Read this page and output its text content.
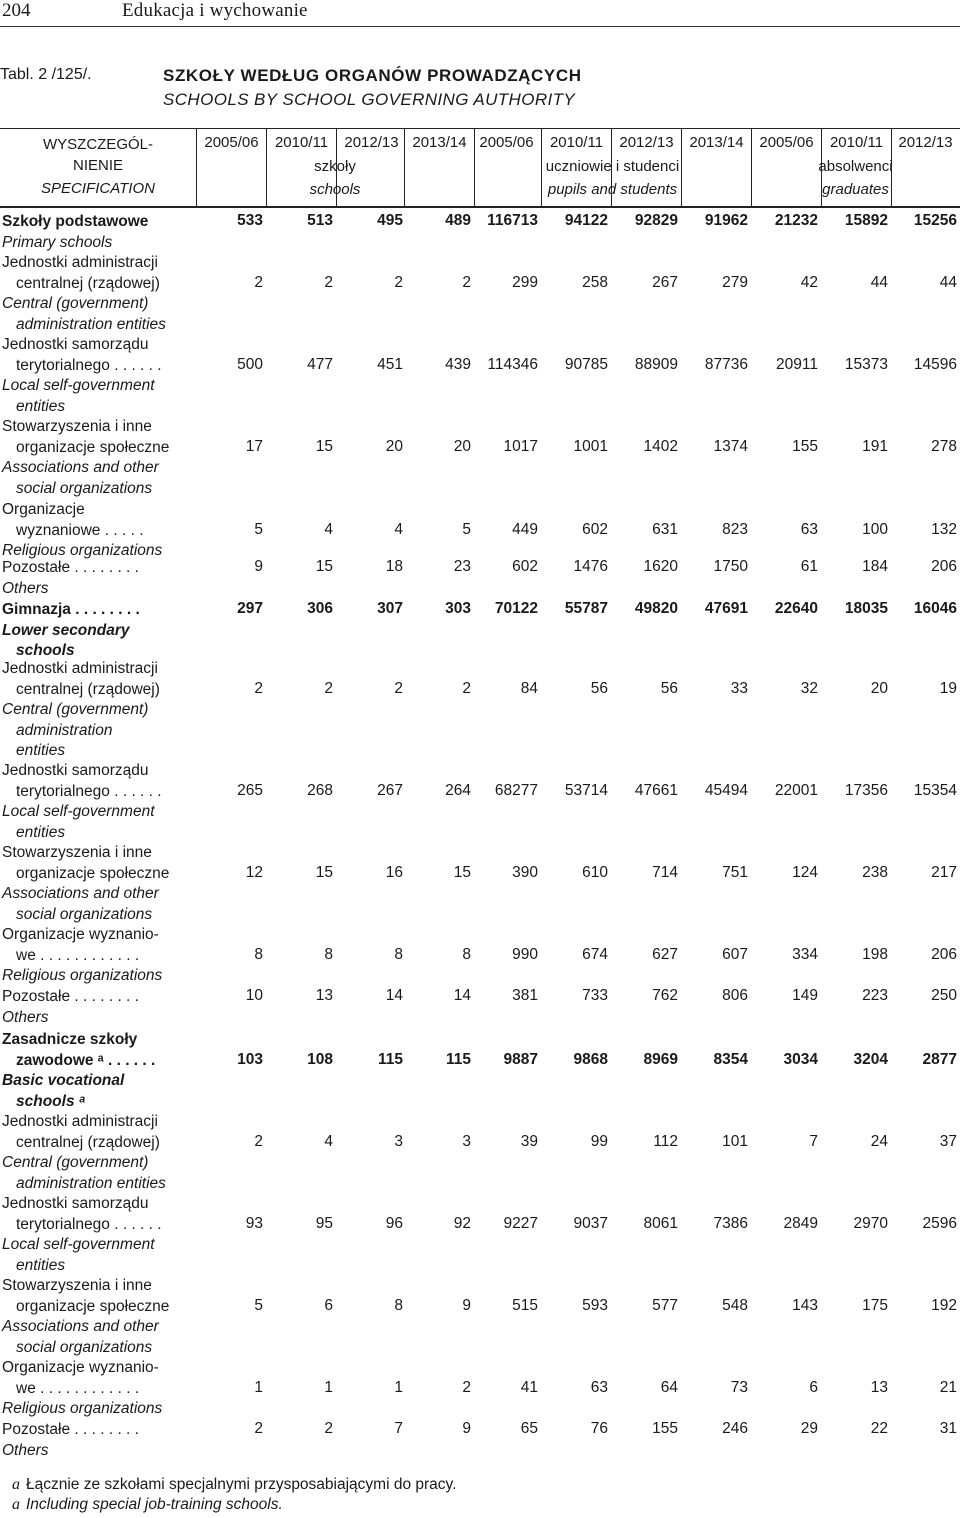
204	Edukacja i wychowanie
Tabl. 2 /125/.	SZKOŁY WEDŁUG ORGANÓW PROWADZĄCYCH
SCHOOLS BY SCHOOL GOVERNING AUTHORITY
WYSZCZEGÓL-
NIENIE
SPECIFICATION
2005/06	2010/11	2012/13 2013/14 2005/06	2010/11	2012/13	2013/14	2005/06	2010/11	2012/13
szkoły
schools
uczniowie i studenci
pupils and students
absolwenci
graduates
Szkoły podstawowe
Primary schools
533	513	495	489	116713	94122	92829	91962	21232	15892	15256
Jednostki administracji
centralnej (rządowej)
Central (government)
administration entities
2	2	2	2	299	258	267	279	42	44	44
Jednostki samorządu
terytorialnego . . . . . .
Local self-government
entities
500	477	451	439	114346	90785	88909	87736	20911	15373	14596
Stowarzyszenia i inne
organizacje społeczne
Associations and other
social organizations
17	15	20	20	1017	1001	1402	1374	155	191	278
Organizacje
wyznaniowe . . . . .
Religious organizations
5	4	4	5	449	602	631	823	63	100	132
Pozostałe . . . . . . . .
Others
9	15	18	23	602	1476	1620	1750	61	184	206
Gimnazja . . . . . . . .
Lower secondary
schools
297	306	307	303	70122	55787	49820	47691	22640	18035	16046
Jednostki administracji
centralnej (rządowej)
Central (government)
administration
entities
2	2	2	2	84	56	56	33	32	20	19
Jednostki samorządu
terytorialnego . . . . . .
Local self-government
entities
265	268	267	264	68277	53714	47661	45494	22001	17356	15354
Stowarzyszenia i inne
organizacje społeczne
Associations and other
social organizations
12	15	16	15	390	610	714	751	124	238	217
Organizacje wyznanio-
we . . . . . . . . . . . .
Religious organizations
8	8	8	8	990	674	627	607	334	198	206
Pozostałe . . . . . . . .
Others
10	13	14	14	381	733	762	806	149	223	250
Zasadnicze szkoły
zawodowe ᵃ . . . . . .
Basic vocational
schools ᵃ
103	108	115	115	9887	9868	8969	8354	3034	3204	2877
Jednostki administracji
centralnej (rządowej)
Central (government)
administration entities
2	4	3	3	39	99	112	101	7	24	37
Jednostki samorządu
terytorialnego . . . . . .
Local self-government
entities
93	95	96	92	9227	9037	8061	7386	2849	2970	2596
Stowarzyszenia i inne
organizacje społeczne
Associations and other
social organizations
5	6	8	9	515	593	577	548	143	175	192
Organizacje wyznanio-
we . . . . . . . . . . . .
Religious organizations
1	1	1	2	41	63	64	73	6	13	21
Pozostałe . . . . . . . .
Others
2	2	7	9	65	76	155	246	29	22	31
a Łącznie ze szkołami specjalnymi przysposabiającymi do pracy.
a Including special job-training schools.
